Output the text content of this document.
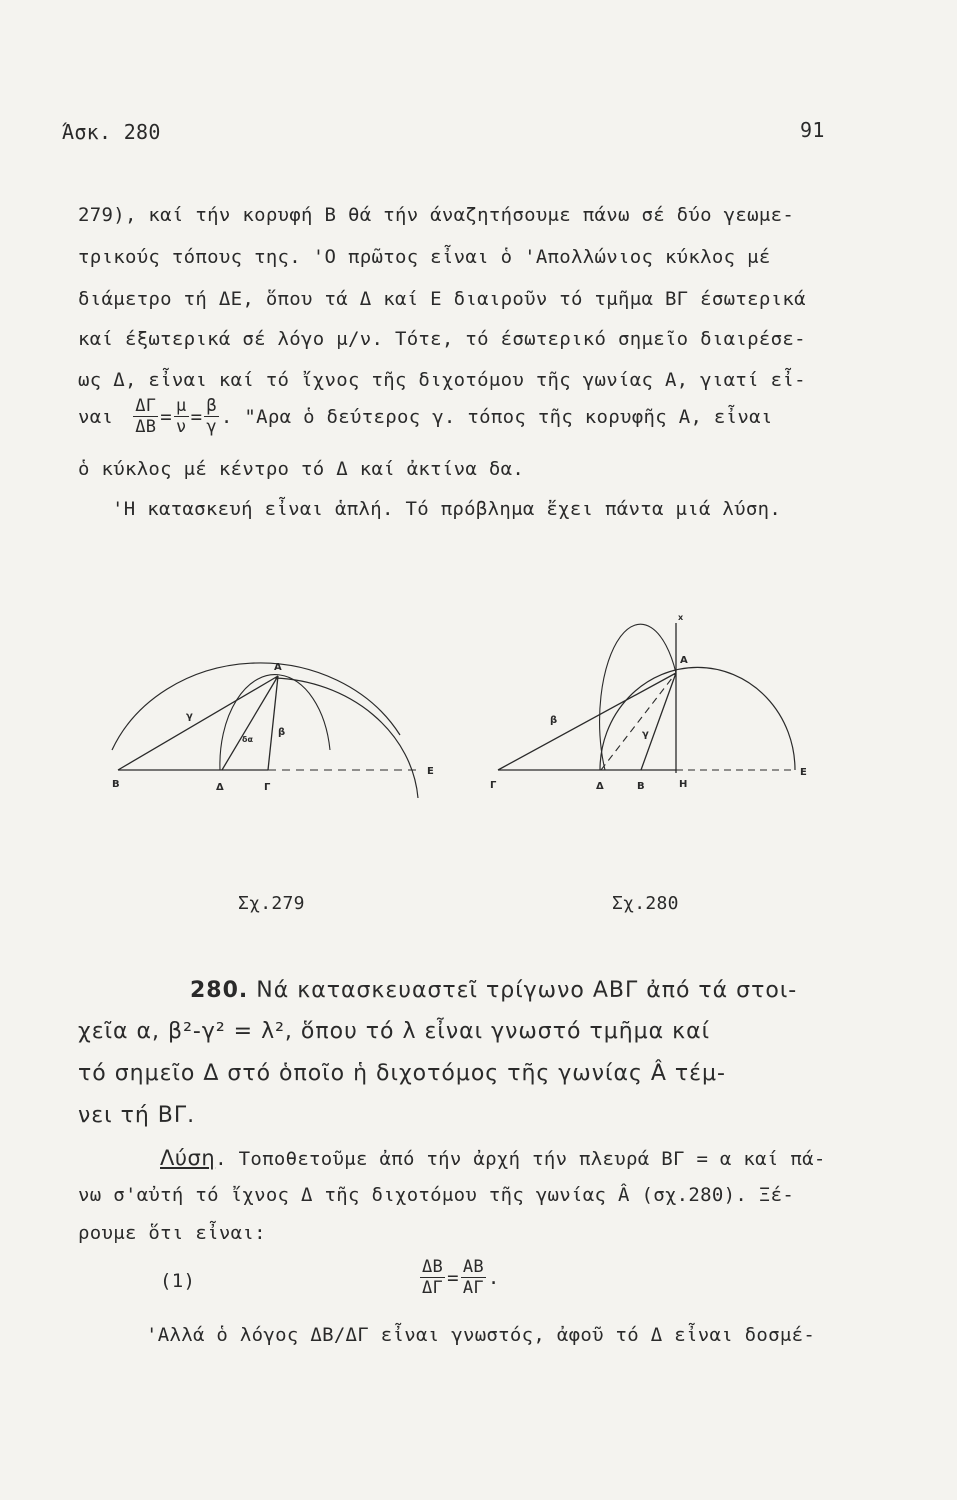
Άσκ. 280	91
279), καί τήν κορυφή Β θά τήν άναζητήσουμε πάνω σέ δύο γεωμε-
τρικούς τόπους της. 'Ο πρῶτος εἶναι ὁ 'Απολλώνιος κύκλος μέ
διάμετρο τή ΔΕ, ὅπου τά Δ καί Ε διαιροῦν τό τμῆμα ΒΓ έσωτερικά
καί έξωτερικά σέ λόγο μ/ν. Τότε, τό έσωτερικό σημεῖο διαιρέσε-
ως Δ, εἶναι καί τό ἴχνος τῆς διχοτόμου τῆς γωνίας Α, γιατί εἶ-
ναι $\frac{\Delta\Gamma}{\Delta B} = \frac{\mu}{\nu} = \frac{\beta}{\gamma}$ . "Αρα ὁ δεύτερος γ. τόπος τῆς κορυφῆς Α, εἶναι
ὁ κύκλος μέ κέντρο τό Δ καί ἀκτίνα δα.
'Η κατασκευή εἶναι ἁπλή. Τό πρόβλημα ἔχει πάντα μιά λύση.
Β	Δ	Γ
Ε
Α
γ
β
δα
x
Γ	Δ	Β	Η
Ε
Α
β
γ
Σχ.279	Σχ.280
280. Νά κατασκευαστεῖ τρίγωνο ΑΒΓ ἀπό τά στοι-
χεῖα α, β²-γ² = λ², ὅπου τό λ εἶναι γνωστό τμῆμα καί
τό σημεῖο Δ στό ὁποῖο ἡ διχοτόμος τῆς γωνίας Â τέμ-
νει τή ΒΓ.
Λύση. Τοποθετοῦμε ἀπό τήν ἀρχή τήν πλευρά ΒΓ = α καί πά-
νω σ'αὐτή τό ἴχνος Δ τῆς διχοτόμου τῆς γωνίας Â (σχ.280). Ξέ-
ρουμε ὅτι εἶναι:
(1)	$\frac{\Delta B}{\Delta\Gamma} = \frac{AB}{A\Gamma}$ .
'Αλλά ὁ λόγος ΔΒ/ΔΓ εἶναι γνωστός, ἀφοῦ τό Δ εἶναι δοσμέ-
